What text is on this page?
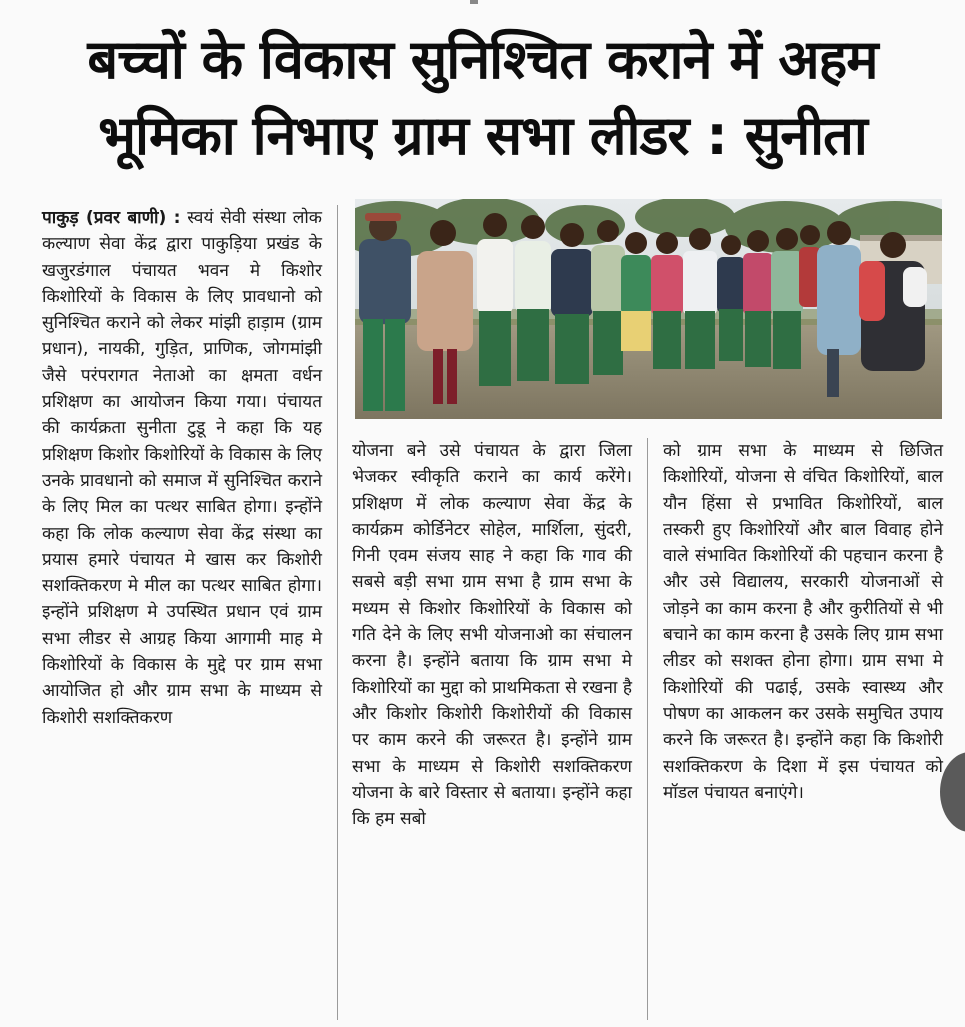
बच्चों के विकास सुनिश्चित कराने में अहम
भूमिका निभाए ग्राम सभा लीडर : सुनीता

पाकुड़ (प्रवर बाणी) : स्वयं सेवी संस्था लोक कल्याण सेवा केंद्र द्वारा पाकुड़िया प्रखंड के खजुरडंगाल पंचायत भवन मे किशोर किशोरियों के विकास के लिए प्रावधानो को सुनिश्चित कराने को लेकर मांझी हाड़ाम (ग्राम प्रधान), नायकी, गुड़ित, प्राणिक, जोगमांझी जैसे परंपरागत नेताओ का क्षमता वर्धन प्रशिक्षण का आयोजन किया गया। पंचायत की कार्यक्रता सुनीता टुडू ने कहा कि यह प्रशिक्षण किशोर किशोरियों के विकास के लिए उनके प्रावधानो को समाज में सुनिश्चित कराने के लिए मिल का पत्थर साबित होगा। इन्होंने कहा कि लोक कल्याण सेवा केंद्र संस्था का प्रयास हमारे पंचायत मे खास कर किशोरी सशक्तिकरण मे मील का पत्थर साबित होगा। इन्होंने प्रशिक्षण मे उपस्थित प्रधान एवं ग्राम सभा लीडर से आग्रह किया आगामी माह मे किशोरियों के विकास के मुद्दे पर ग्राम सभा आयोजित हो और ग्राम सभा के माध्यम से किशोरी सशक्तिकरण

योजना बने उसे पंचायत के द्वारा जिला भेजकर स्वीकृति कराने का कार्य करेंगे। प्रशिक्षण में लोक कल्याण सेवा केंद्र के कार्यक्रम कोर्डिनेटर सोहेल, मार्शिला, सुंदरी, गिनी एवम संजय साह ने कहा कि गाव की सबसे बड़ी सभा ग्राम सभा है ग्राम सभा के मध्यम से किशोर किशोरियों के विकास को गति देने के लिए सभी योजनाओ का संचालन करना है। इन्होंने बताया कि ग्राम सभा मे किशोरियों का मुद्दा को प्राथमिकता से रखना है और किशोर किशोरी किशोरीयों की विकास पर काम करने की जरूरत है। इन्होंने ग्राम सभा के माध्यम से किशोरी सशक्तिकरण योजना के बारे विस्तार से बताया। इन्होंने कहा कि हम सबो

को ग्राम सभा के माध्यम से छिजित किशोरियों, योजना से वंचित किशोरियों, बाल यौन हिंसा से प्रभावित किशोरियों, बाल तस्करी हुए किशोरियों और बाल विवाह होने वाले संभावित किशोरियों की पहचान करना है और उसे विद्यालय, सरकारी योजनाओं से जोड़ने का काम करना है और कुरीतियों से भी बचाने का काम करना है उसके लिए ग्राम सभा लीडर को सशक्त होना होगा। ग्राम सभा मे किशोरियों की पढाई, उसके स्वास्थ्य और पोषण का आकलन कर उसके समुचित उपाय करने कि जरूरत है। इन्होंने कहा कि किशोरी सशक्तिकरण के दिशा में इस पंचायत को मॉडल पंचायत बनाएंगे।
